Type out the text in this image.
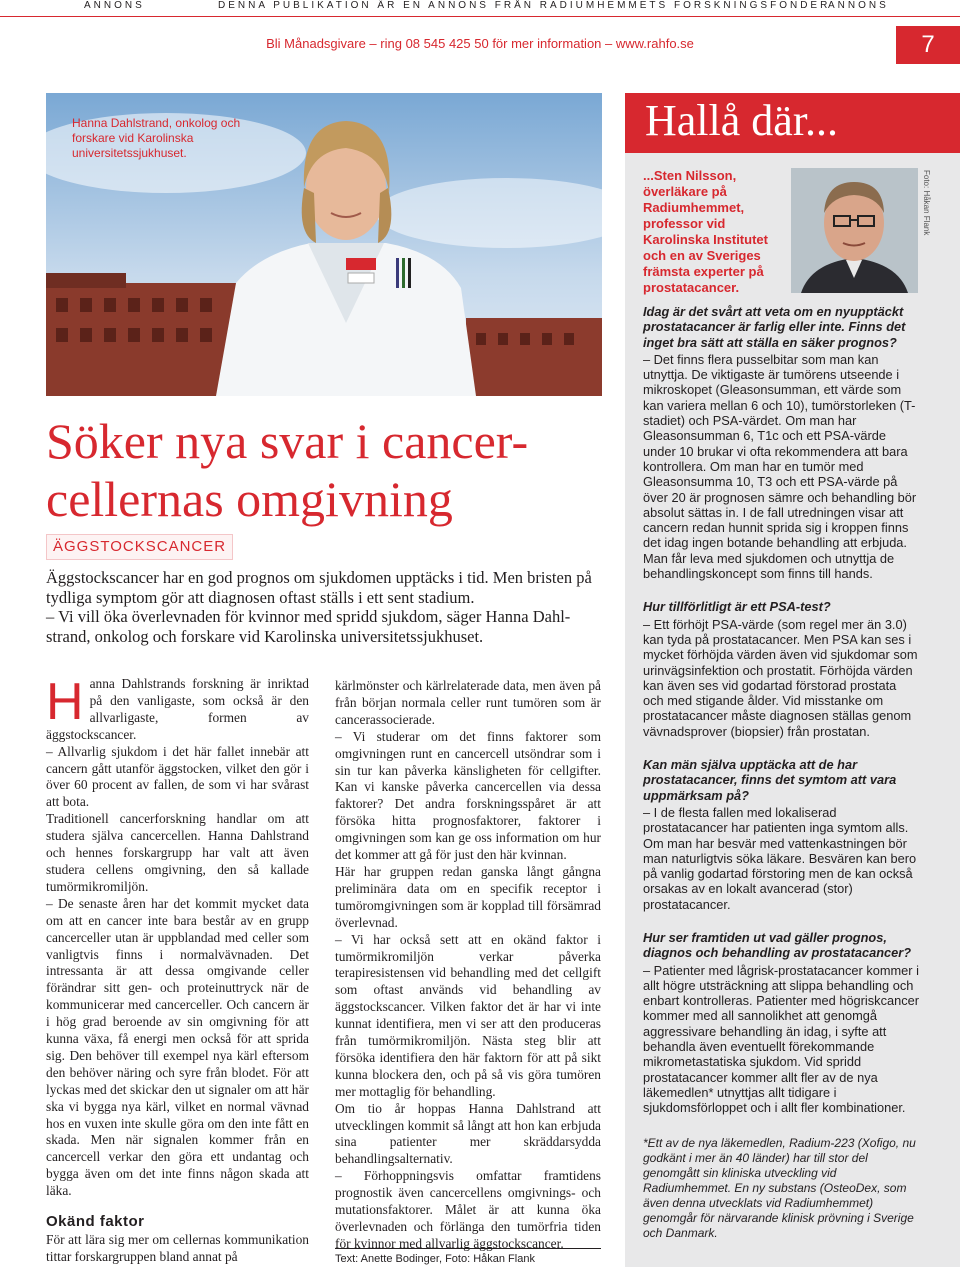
ANNONS	DENNA PUBLIKATION ÄR EN ANNONS FRÅN RADIUMHEMMETS FORSKNINGSFONDER
ANNONS
Bli Månadsgivare – ring 08 545 425 50 för mer information – www.rahfo.se	7
Hanna Dahlstrand, onkolog och forskare vid Karolinska universitetssjukhuset.
Söker nya svar i cancer-cellernas omgivning
ÄGGSTOCKSCANCER

Äggstockscancer har en god prognos om sjukdomen upptäcks i tid. Men bristen på tydliga symptom gör att diagnosen oftast ställs i ett sent stadium.

– Vi vill öka överlevnaden för kvinnor med spridd sjukdom, säger Hanna Dahl-strand, onkolog och forskare vid Karolinska universitetssjukhuset.

Hanna Dahlstrands forskning är inriktad på den vanligaste, som också är den allvarligaste, formen av äggstockscancer.

– Allvarlig sjukdom i det här fallet innebär att cancern gått utanför äggstocken, vilket den gör i över 60 procent av fallen, de som vi har svårast att bota.

Traditionell cancerforskning handlar om att studera själva cancercellen. Hanna Dahlstrand och hennes forskargrupp har valt att även studera cellens omgivning, den så kallade tumörmikromiljön.

– De senaste åren har det kommit mycket data om att en cancer inte bara består av en grupp cancerceller utan är uppblandad med celler som vanligtvis finns i normalvävnaden. Det intressanta är att dessa omgivande celler förändrar sitt gen- och proteinuttryck när de kommunicerar med cancerceller. Och cancern är i hög grad beroende av sin omgivning för att kunna växa, få energi men också för att sprida sig. Den behöver till exempel nya kärl eftersom den behöver näring och syre från blodet. För att lyckas med det skickar den ut signaler om att här ska vi bygga nya kärl, vilket en normal vävnad hos en vuxen inte skulle göra om den inte fått en skada. Men när signalen kommer från en cancercell verkar den göra ett undantag och bygga även om det inte finns någon skada att läka.

Okänd faktor

För att lära sig mer om cellernas kommunikation tittar forskargruppen bland annat på

kärlmönster och kärlrelaterade data, men även på från början normala celler runt tumören som är cancerassocierade.

– Vi studerar om det finns faktorer som omgivningen runt en cancercell utsöndrar som i sin tur kan påverka känsligheten för cellgifter. Kan vi kanske påverka cancercellen via dessa faktorer? Det andra forskningsspåret är att försöka hitta prognosfaktorer, faktorer i omgivningen som kan ge oss information om hur det kommer att gå för just den här kvinnan.

Här har gruppen redan ganska långt gångna preliminära data om en specifik receptor i tumöromgivningen som är kopplad till försämrad överlevnad.

– Vi har också sett att en okänd faktor i tumörmikromiljön verkar påverka terapiresistensen vid behandling med det cellgift som oftast används vid behandling av äggstockscancer. Vilken faktor det är har vi inte kunnat identifiera, men vi ser att den produceras från tumörmikromiljön. Nästa steg blir att försöka identifiera den här faktorn för att på sikt kunna blockera den, och på så vis göra tumören mer mottaglig för behandling.

Om tio år hoppas Hanna Dahlstrand att utvecklingen kommit så långt att hon kan erbjuda sina patienter mer skräddarsydda behandlingsalternativ.

– Förhoppningsvis omfattar framtidens prognostik även cancercellens omgivnings- och mutationsfaktorer. Målet är att kunna öka överlevnaden och förlänga den tumörfria tiden för kvinnor med allvarlig äggstockscancer.

Text: Anette Bodinger, Foto: Håkan Flank
Hallå där...
...Sten Nilsson, överläkare på Radiumhemmet, professor vid Karolinska Institutet och en av Sveriges främsta experter på prostatacancer.
Foto: Håkan Flank

Idag är det svårt att veta om en nyupptäckt prostatacancer är farlig eller inte. Finns det inget bra sätt att ställa en säker prognos?

– Det finns flera pusselbitar som man kan utnyttja. De viktigaste är tumörens utseende i mikroskopet (Gleasonsumman, ett värde som kan variera mellan 6 och 10), tumörstorleken (T-stadiet) och PSA-värdet. Om man har Gleasonsumman 6, T1c och ett PSA-värde under 10 brukar vi ofta rekommendera att bara kontrollera. Om man har en tumör med Gleasonsumma 10, T3 och ett PSA-värde på över 20 är prognosen sämre och behandling bör absolut sättas in. I de fall utredningen visar att cancern redan hunnit sprida sig i kroppen finns det idag ingen botande behandling att erbjuda. Man får leva med sjukdomen och utnyttja de behandlingskoncept som finns till hands.

Hur tillförlitligt är ett PSA-test?

– Ett förhöjt PSA-värde (som regel mer än 3.0) kan tyda på prostatacancer. Men PSA kan ses i mycket förhöjda värden även vid sjukdomar som urinvägsinfektion och prostatit. Förhöjda värden kan även ses vid godartad förstorad prostata och med stigande ålder. Vid misstanke om prostatacancer måste diagnosen ställas genom vävnadsprover (biopsier) från prostatan.

Kan män själva upptäcka att de har prostatacancer, finns det symtom att vara uppmärksam på?

– I de flesta fallen med lokaliserad prostatacancer har patienten inga symtom alls. Om man har besvär med vattenkastningen bör man naturligtvis söka läkare. Besvären kan bero på vanlig godartad förstoring men de kan också orsakas av en lokalt avancerad (stor) prostatacancer.

Hur ser framtiden ut vad gäller prognos, diagnos och behandling av prostatacancer?

– Patienter med lågrisk-prostatacancer kommer i allt högre utsträckning att slippa behandling och enbart kontrolleras. Patienter med högriskcancer kommer med all sannolikhet att genomgå aggressivare behandling än idag, i syfte att behandla även eventuellt förekommande mikrometastatiska sjukdom. Vid spridd prostatacancer kommer allt fler av de nya läkemedlen* utnyttjas allt tidigare i sjukdomsförloppet och i allt fler kombinationer.

*Ett av de nya läkemedlen, Radium-223 (Xofigo, nu godkänt i mer än 40 länder) har till stor del genomgått sin kliniska utveckling vid Radiumhemmet. En ny substans (OsteoDex, som även denna utvecklats vid Radiumhemmet) genomgår för närvarande klinisk prövning i Sverige och Danmark.
